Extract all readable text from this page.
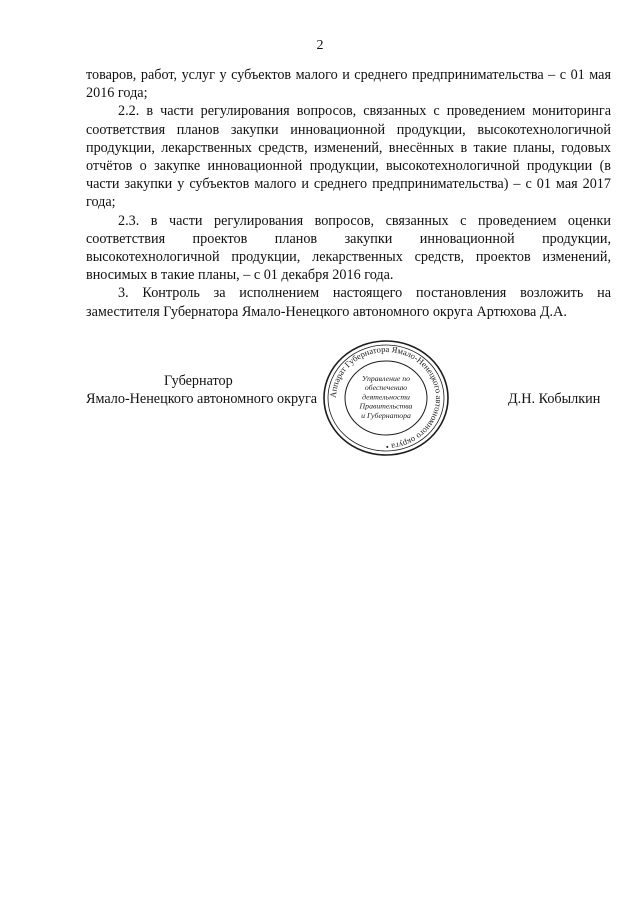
2

товаров, работ, услуг у субъектов малого и среднего предпринимательства – с 01 мая 2016 года;

2.2. в части регулирования вопросов, связанных с проведением мониторинга соответствия планов закупки инновационной продукции, высокотехнологичной продукции, лекарственных средств, изменений, внесённых в такие планы, годовых отчётов о закупке инновационной продукции, высокотехнологичной продукции (в части закупки у субъектов малого и среднего предпринимательства) – с 01 мая 2017 года;

2.3. в части регулирования вопросов, связанных с проведением оценки соответствия проектов планов закупки инновационной продукции, высокотехнологичной продукции, лекарственных средств, проектов изменений, вносимых в такие планы, – с 01 декабря 2016 года.

3. Контроль за исполнением настоящего постановления возложить на заместителя Губернатора Ямало-Ненецкого автономного округа Артюхова Д.А.

Губернатор
Ямало-Ненецкого автономного округа	Д.Н. Кобылкин
Аппарат Губернатора Ямало-Ненецкого автономного округа •
Управление по
обеспечению
деятельности
Правительства
и Губернатора
